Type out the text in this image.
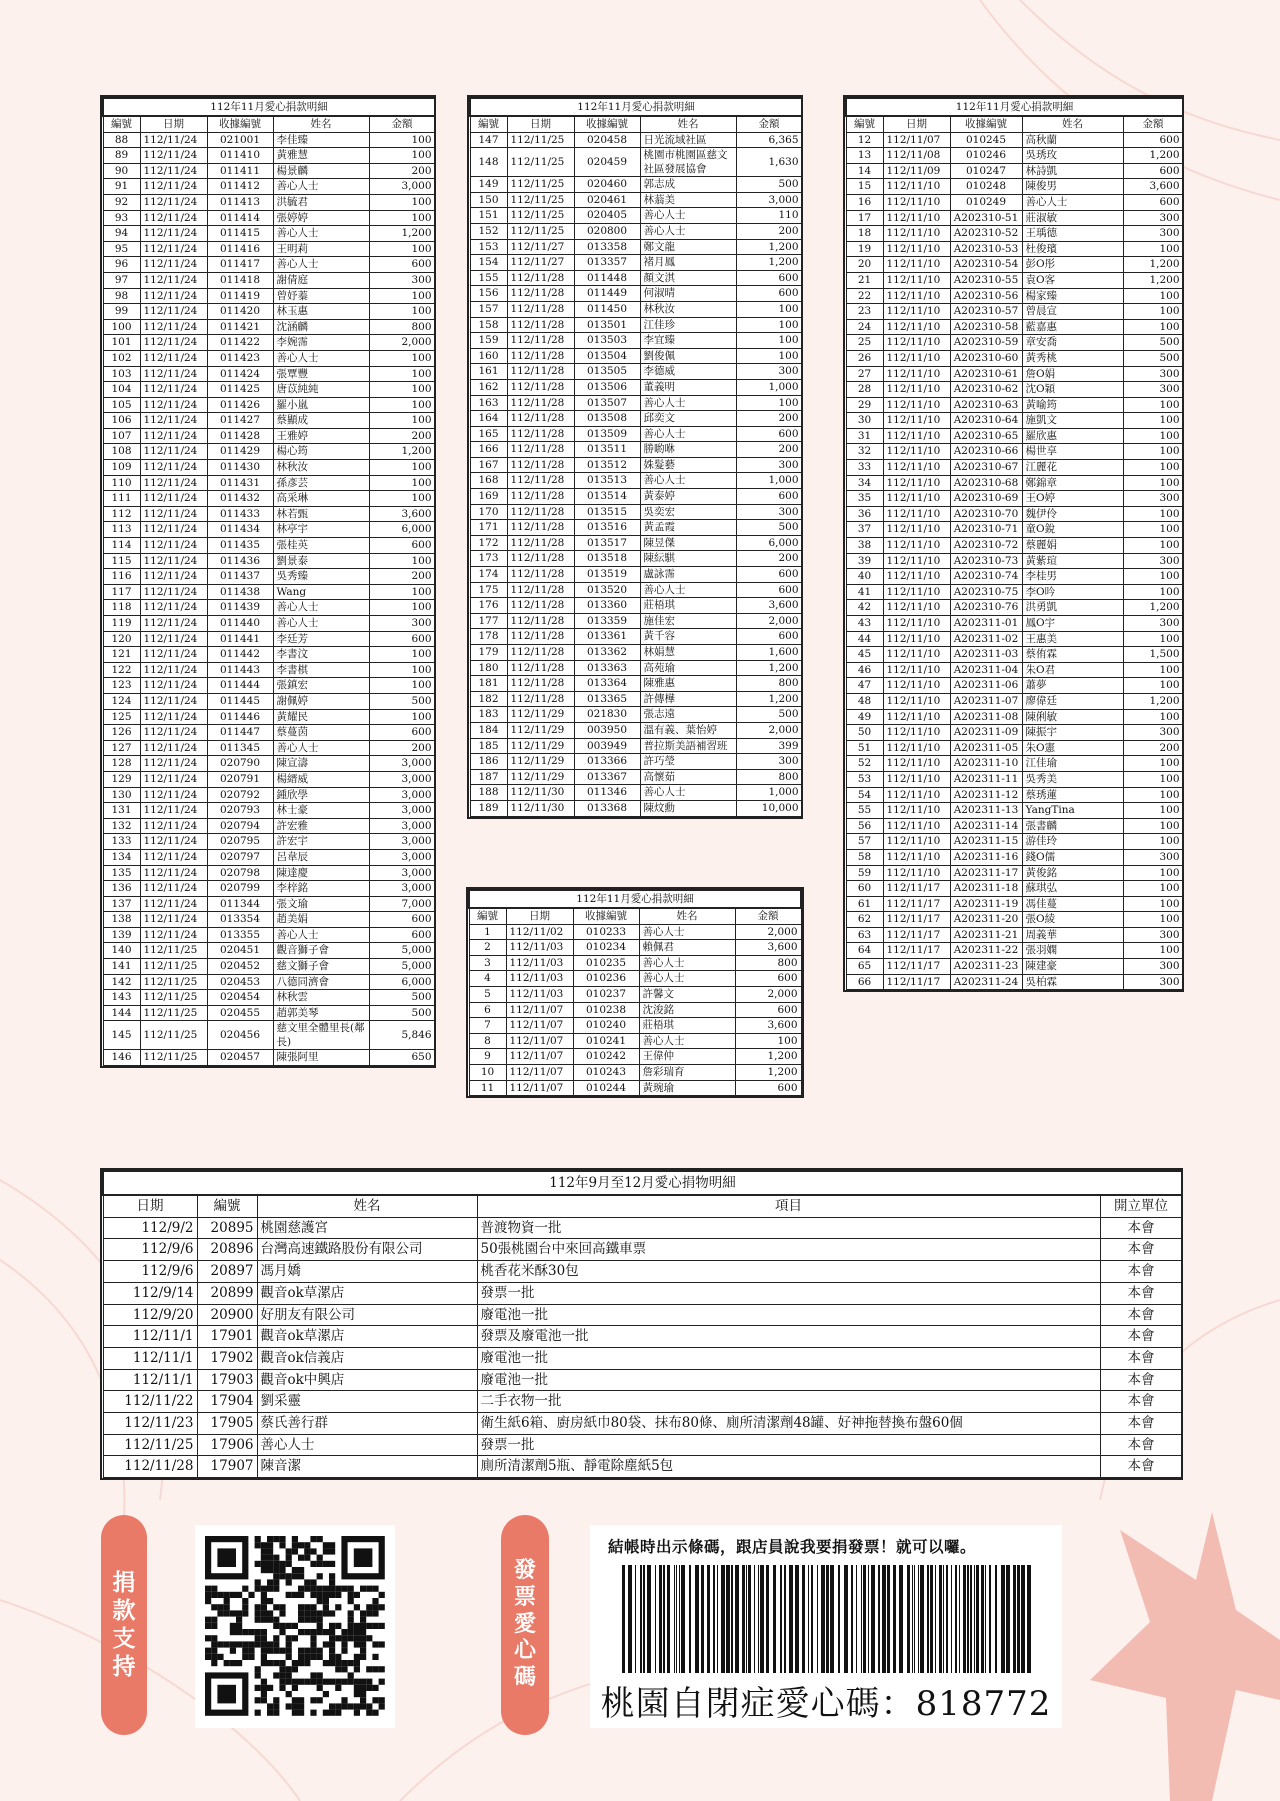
112年11月愛心捐款明細				
編號	日期	收據編號	姓名	金額
88	112/11/24	021001	李佳臻	100
89	112/11/24	011410	黃雅慧	100
90	112/11/24	011411	楊景麟	200
91	112/11/24	011412	善心人士	3,000
92	112/11/24	011413	洪毓君	100
93	112/11/24	011414	張婷婷	100
94	112/11/24	011415	善心人士	1,200
95	112/11/24	011416	王明莉	100
96	112/11/24	011417	善心人士	600
97	112/11/24	011418	謝倩庭	300
98	112/11/24	011419	曾妤蓁	100
99	112/11/24	011420	林玉惠	100
100	112/11/24	011421	沈涵麟	800
101	112/11/24	011422	李婉霈	2,000
102	112/11/24	011423	善心人士	100
103	112/11/24	011424	張覃豐	100
104	112/11/24	011425	唐苡純純	100
105	112/11/24	011426	羅小嵐	100
106	112/11/24	011427	蔡顯成	100
107	112/11/24	011428	王雅婷	200
108	112/11/24	011429	楊心筠	1,200
109	112/11/24	011430	林秋汝	100
110	112/11/24	011431	孫彥芸	100
111	112/11/24	011432	高采琳	100
112	112/11/24	011433	林若甄	3,600
113	112/11/24	011434	林亭宇	6,000
114	112/11/24	011435	張桂英	600
115	112/11/24	011436	劉景泰	100
116	112/11/24	011437	吳秀臻	200
117	112/11/24	011438	Wang	100
118	112/11/24	011439	善心人士	100
119	112/11/24	011440	善心人士	300
120	112/11/24	011441	李廷芳	600
121	112/11/24	011442	李書汶	100
122	112/11/24	011443	李書棋	100
123	112/11/24	011444	張鎮宏	100
124	112/11/24	011445	謝佩婷	500
125	112/11/24	011446	黃耀民	100
126	112/11/24	011447	蔡蔓茵	600
127	112/11/24	011345	善心人士	200
128	112/11/24	020790	陳宣濤	3,000
129	112/11/24	020791	楊縉威	3,000
130	112/11/24	020792	鍾欣學	3,000
131	112/11/24	020793	林士豪	3,000
132	112/11/24	020794	許宏雅	3,000
133	112/11/24	020795	許宏宇	3,000
134	112/11/24	020797	呂韋辰	3,000
135	112/11/24	020798	陳達慶	3,000
136	112/11/24	020799	李梓銘	3,000
137	112/11/24	011344	張文瑜	7,000
138	112/11/24	013354	趙美娟	600
139	112/11/24	013355	善心人士	600
140	112/11/25	020451	觀音獅子會	5,000
141	112/11/25	020452	慈文獅子會	5,000
142	112/11/25	020453	八德同濟會	6,000
143	112/11/25	020454	林秋雲	500
144	112/11/25	020455	趙郭美琴	500
145	112/11/25	020456	慈文里全體里長(鄰長)	5,846
146	112/11/25	020457	陳張阿里	650
112年11月愛心捐款明細				
編號	日期	收據編號	姓名	金額
147	112/11/25	020458	日光流域社區	6,365
148	112/11/25	020459	桃園市桃園區慈文社區發展協會	1,630
149	112/11/25	020460	郭志成	500
150	112/11/25	020461	林蓊美	3,000
151	112/11/25	020405	善心人士	110
152	112/11/25	020800	善心人士	200
153	112/11/27	013358	鄭文龍	1,200
154	112/11/27	013357	褚月鳳	1,200
155	112/11/28	011448	顏文淇	600
156	112/11/28	011449	何淑晴	600
157	112/11/28	011450	林秋汝	100
158	112/11/28	013501	江佳珍	100
159	112/11/28	013503	李宜臻	100
160	112/11/28	013504	劉俊佩	100
161	112/11/28	013505	李德威	300
162	112/11/28	013506	董義明	1,000
163	112/11/28	013507	善心人士	100
164	112/11/28	013508	邱奕文	200
165	112/11/28	013509	善心人士	600
166	112/11/28	013511	勝喲咻	200
167	112/11/28	013512	姝髮藝	300
168	112/11/28	013513	善心人士	1,000
169	112/11/28	013514	黃泰婷	600
170	112/11/28	013515	吳奕宏	300
171	112/11/28	013516	黃孟霞	500
172	112/11/28	013517	陳昱傑	6,000
173	112/11/28	013518	陳紜騏	200
174	112/11/28	013519	盧詠霈	600
175	112/11/28	013520	善心人士	600
176	112/11/28	013360	莊梧琪	3,600
177	112/11/28	013359	施佳宏	2,000
178	112/11/28	013361	黃千容	600
179	112/11/28	013362	林娟慧	1,600
180	112/11/28	013363	高苑瑜	1,200
181	112/11/28	013364	陳雅惠	800
182	112/11/28	013365	許傳樺	1,200
183	112/11/29	021830	張志遠	500
184	112/11/29	003950	溫有義、葉怡婷	2,000
185	112/11/29	003949	普拉斯美語補習班	399
186	112/11/29	013366	許巧瑩	300
187	112/11/29	013367	高懷茹	800
188	112/11/30	011346	善心人士	1,000
189	112/11/30	013368	陳炆勳	10,000
112年11月愛心捐款明細				
編號	日期	收據編號	姓名	金額
1	112/11/02	010233	善心人士	2,000
2	112/11/03	010234	賴佩君	3,600
3	112/11/03	010235	善心人士	800
4	112/11/03	010236	善心人士	600
5	112/11/03	010237	許馨文	2,000
6	112/11/07	010238	沈浚銘	600
7	112/11/07	010240	莊梧琪	3,600
8	112/11/07	010241	善心人士	100
9	112/11/07	010242	王偉仲	1,200
10	112/11/07	010243	詹彩瑞育	1,200
11	112/11/07	010244	黃琬瑜	600
112年11月愛心捐款明細				
編號	日期	收據編號	姓名	金額
12	112/11/07	010245	高秋蘭	600
13	112/11/08	010246	吳琇玫	1,200
14	112/11/09	010247	林詩凱	600
15	112/11/10	010248	陳俊男	3,600
16	112/11/10	010249	善心人士	600
17	112/11/10	A202310-51	莊淑敏	300
18	112/11/10	A202310-52	王瑀德	300
19	112/11/10	A202310-53	杜俊璸	100
20	112/11/10	A202310-54	彭O彤	1,200
21	112/11/10	A202310-55	袁O客	1,200
22	112/11/10	A202310-56	楊家臻	100
23	112/11/10	A202310-57	曾晨宣	100
24	112/11/10	A202310-58	藍嘉惠	100
25	112/11/10	A202310-59	章安喬	500
26	112/11/10	A202310-60	黃秀桃	500
27	112/11/10	A202310-61	詹O娟	300
28	112/11/10	A202310-62	沈O穎	300
29	112/11/10	A202310-63	黃喻筠	100
30	112/11/10	A202310-64	施凱文	100
31	112/11/10	A202310-65	羅欣惠	100
32	112/11/10	A202310-66	楊世享	100
33	112/11/10	A202310-67	江麗花	100
34	112/11/10	A202310-68	鄭錦章	100
35	112/11/10	A202310-69	王O婷	300
36	112/11/10	A202310-70	魏伊伶	100
37	112/11/10	A202310-71	童O銳	100
38	112/11/10	A202310-72	蔡麗娟	100
39	112/11/10	A202310-73	黃紫瑄	300
40	112/11/10	A202310-74	李桂男	100
41	112/11/10	A202310-75	李O吟	100
42	112/11/10	A202310-76	洪勇凱	1,200
43	112/11/10	A202311-01	鳳O宇	300
44	112/11/10	A202311-02	王惠美	100
45	112/11/10	A202311-03	蔡侑霖	1,500
46	112/11/10	A202311-04	朱O君	100
47	112/11/10	A202311-06	蕭夢	100
48	112/11/10	A202311-07	廖偉廷	1,200
49	112/11/10	A202311-08	陳俐敏	100
50	112/11/10	A202311-09	陳振宇	300
51	112/11/10	A202311-05	朱O憲	200
52	112/11/10	A202311-10	江佳瑜	100
53	112/11/10	A202311-11	吳秀美	100
54	112/11/10	A202311-12	蔡琇蓮	100
55	112/11/10	A202311-13	YangTina	100
56	112/11/10	A202311-14	張書麟	100
57	112/11/10	A202311-15	游佳玲	100
58	112/11/10	A202311-16	錢O儒	300
59	112/11/10	A202311-17	黃俊銘	100
60	112/11/17	A202311-18	蘇琪弘	100
61	112/11/17	A202311-19	馮佳蔓	100
62	112/11/17	A202311-20	張O綾	100
63	112/11/17	A202311-21	周義華	300
64	112/11/17	A202311-22	張羽嫻	100
65	112/11/17	A202311-23	陳建豪	300
66	112/11/17	A202311-24	吳柏霖	300
112年9月至12月愛心捐物明細				
日期	編號	姓名	項目	開立單位
112/9/2	20895	桃園慈護宮	普渡物資一批	本會
112/9/6	20896	台灣高速鐵路股份有限公司	50張桃園台中來回高鐵車票	本會
112/9/6	20897	馮月嬌	桃香花米酥30包	本會
112/9/14	20899	觀音ok草漯店	發票一批	本會
112/9/20	20900	好朋友有限公司	廢電池一批	本會
112/11/1	17901	觀音ok草漯店	發票及廢電池一批	本會
112/11/1	17902	觀音ok信義店	廢電池一批	本會
112/11/1	17903	觀音ok中興店	廢電池一批	本會
112/11/22	17904	劉采靈	二手衣物一批	本會
112/11/23	17905	蔡氏善行群	衛生紙6箱、廚房紙巾80袋、抹布80條、廁所清潔劑48罐、好神拖替換布盤60個	本會
112/11/25	17906	善心人士	發票一批	本會
112/11/28	17907	陳音潔	廁所清潔劑5瓶、靜電除塵紙5包	本會
捐
款
支
持
發
票
愛
心
碼
結帳時出示條碼，跟店員說我要捐發票！就可以囉。
桃園自閉症愛心碼：818772
